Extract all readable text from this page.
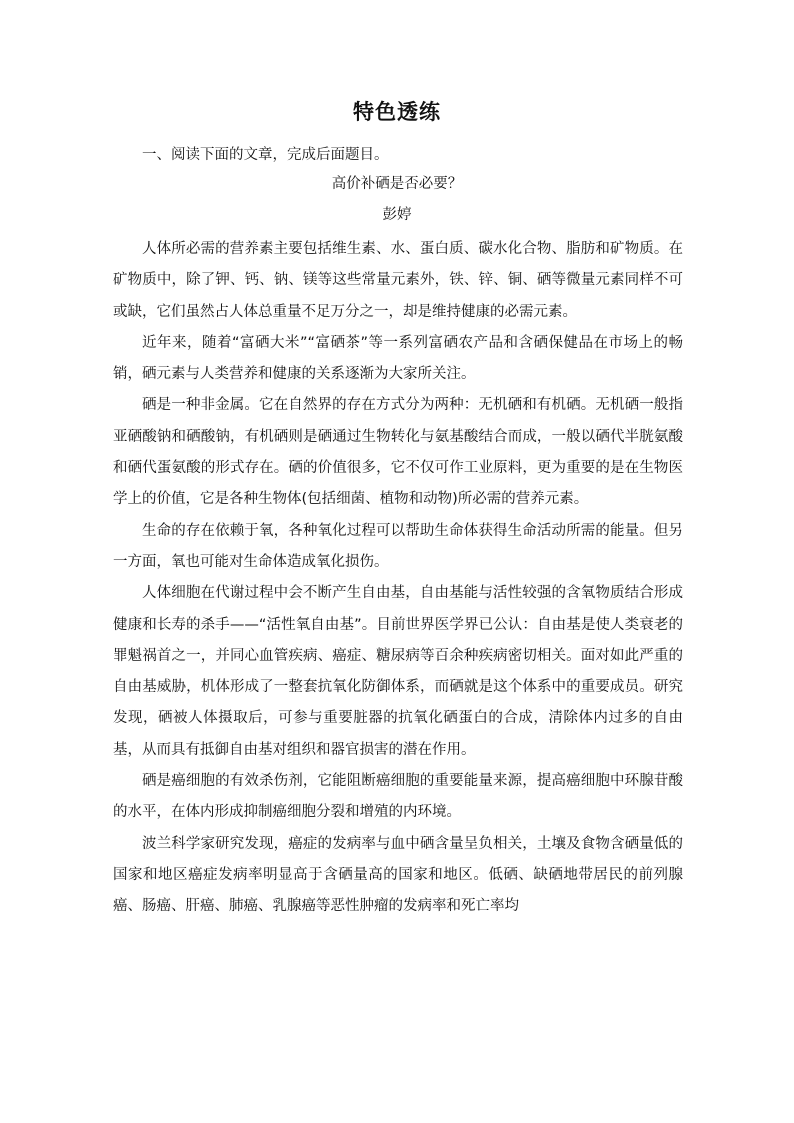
特色透练
一、阅读下面的文章，完成后面题目。
高价补硒是否必要？
彭婷

人体所必需的营养素主要包括维生素、水、蛋白质、碳水化合物、脂肪和矿物质。在矿物质中，除了钾、钙、钠、镁等这些常量元素外，铁、锌、铜、硒等微量元素同样不可或缺，它们虽然占人体总重量不足万分之一，却是维持健康的必需元素。

近年来，随着“富硒大米”“富硒茶”等一系列富硒农产品和含硒保健品在市场上的畅销，硒元素与人类营养和健康的关系逐渐为大家所关注。

硒是一种非金属。它在自然界的存在方式分为两种：无机硒和有机硒。无机硒一般指亚硒酸钠和硒酸钠，有机硒则是硒通过生物转化与氨基酸结合而成，一般以硒代半胱氨酸和硒代蛋氨酸的形式存在。硒的价值很多，它不仅可作工业原料，更为重要的是在生物医学上的价值，它是各种生物体(包括细菌、植物和动物)所必需的营养元素。

生命的存在依赖于氧，各种氧化过程可以帮助生命体获得生命活动所需的能量。但另一方面，氧也可能对生命体造成氧化损伤。

人体细胞在代谢过程中会不断产生自由基，自由基能与活性较强的含氧物质结合形成健康和长寿的杀手——“活性氧自由基”。目前世界医学界已公认：自由基是使人类衰老的罪魁祸首之一，并同心血管疾病、癌症、糖尿病等百余种疾病密切相关。面对如此严重的自由基威胁，机体形成了一整套抗氧化防御体系，而硒就是这个体系中的重要成员。研究发现，硒被人体摄取后，可参与重要脏器的抗氧化硒蛋白的合成，清除体内过多的自由基，从而具有抵御自由基对组织和器官损害的潜在作用。

硒是癌细胞的有效杀伤剂，它能阻断癌细胞的重要能量来源，提高癌细胞中环腺苷酸的水平，在体内形成抑制癌细胞分裂和增殖的内环境。

波兰科学家研究发现，癌症的发病率与血中硒含量呈负相关，土壤及食物含硒量低的国家和地区癌症发病率明显高于含硒量高的国家和地区。低硒、缺硒地带居民的前列腺癌、肠癌、肝癌、肺癌、乳腺癌等恶性肿瘤的发病率和死亡率均
